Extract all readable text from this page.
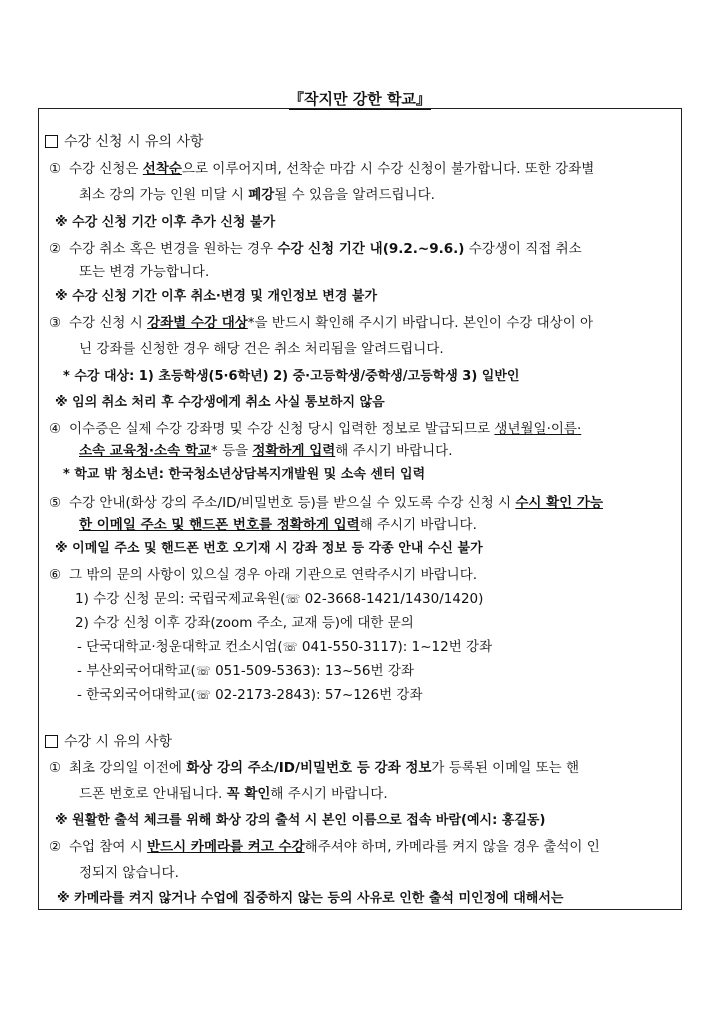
『작지만 강한 학교』
수강 신청 시 유의 사항
① 수강 신청은 선착순으로 이루어지며, 선착순 마감 시 수강 신청이 불가합니다. 또한 강좌별
최소 강의 가능 인원 미달 시 폐강될 수 있음을 알려드립니다.
※ 수강 신청 기간 이후 추가 신청 불가
② 수강 취소 혹은 변경을 원하는 경우 수강 신청 기간 내(9.2.~9.6.) 수강생이 직접 취소
또는 변경 가능합니다.
※ 수강 신청 기간 이후 취소·변경 및 개인정보 변경 불가
③ 수강 신청 시 강좌별 수강 대상*을 반드시 확인해 주시기 바랍니다. 본인이 수강 대상이 아
닌 강좌를 신청한 경우 해당 건은 취소 처리됨을 알려드립니다.
* 수강 대상: 1) 초등학생(5·6학년) 2) 중·고등학생/중학생/고등학생 3) 일반인
※ 임의 취소 처리 후 수강생에게 취소 사실 통보하지 않음
④ 이수증은 실제 수강 강좌명 및 수강 신청 당시 입력한 정보로 발급되므로 생년월일·이름·
소속 교육청·소속 학교* 등을 정확하게 입력해 주시기 바랍니다.
* 학교 밖 청소년: 한국청소년상담복지개발원 및 소속 센터 입력
⑤ 수강 안내(화상 강의 주소/ID/비밀번호 등)를 받으실 수 있도록 수강 신청 시 수시 확인 가능
한 이메일 주소 및 핸드폰 번호를 정확하게 입력해 주시기 바랍니다.
※ 이메일 주소 및 핸드폰 번호 오기재 시 강좌 정보 등 각종 안내 수신 불가
⑥ 그 밖의 문의 사항이 있으실 경우 아래 기관으로 연락주시기 바랍니다.
1) 수강 신청 문의: 국립국제교육원(☏ 02-3668-1421/1430/1420)
2) 수강 신청 이후 강좌(zoom 주소, 교재 등)에 대한 문의
- 단국대학교·청운대학교 컨소시엄(☏ 041-550-3117): 1~12번 강좌
- 부산외국어대학교(☏ 051-509-5363): 13~56번 강좌
- 한국외국어대학교(☏ 02-2173-2843): 57~126번 강좌
수강 시 유의 사항
① 최초 강의일 이전에 화상 강의 주소/ID/비밀번호 등 강좌 정보가 등록된 이메일 또는 핸
드폰 번호로 안내됩니다. 꼭 확인해 주시기 바랍니다.
※ 원활한 출석 체크를 위해 화상 강의 출석 시 본인 이름으로 접속 바람(예시: 홍길동)
② 수업 참여 시 반드시 카메라를 켜고 수강해주셔야 하며, 카메라를 켜지 않을 경우 출석이 인
정되지 않습니다.
※ 카메라를 켜지 않거나 수업에 집중하지 않는 등의 사유로 인한 출석 미인정에 대해서는
